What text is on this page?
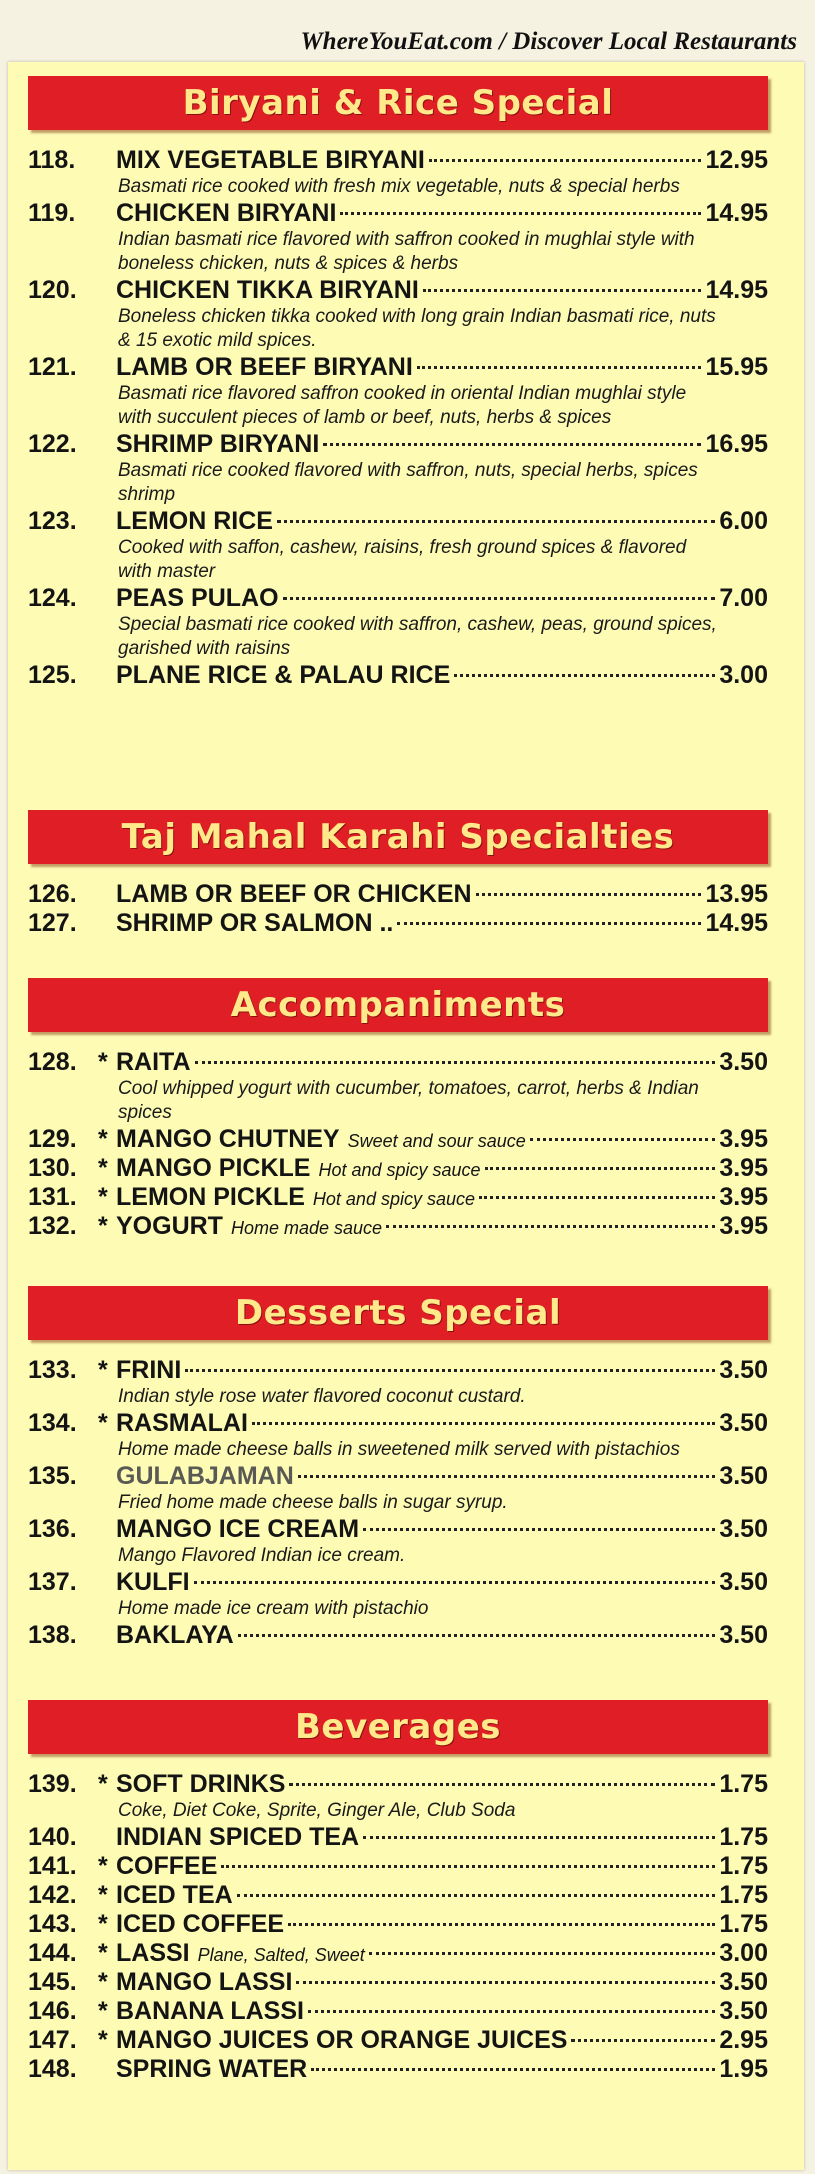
WhereYouEat.com / Discover Local Restaurants
Biryani & Rice Special
118.	MIX VEGETABLE BIRYANI	12.95
Basmati rice cooked with fresh mix vegetable, nuts & special herbs
119.	CHICKEN BIRYANI	14.95
Indian basmati rice flavored with saffron cooked in mughlai style with boneless chicken, nuts & spices & herbs
120.	CHICKEN TIKKA BIRYANI	14.95
Boneless chicken tikka cooked with long grain Indian basmati rice, nuts & 15 exotic mild spices.
121.	LAMB OR BEEF BIRYANI	15.95
Basmati rice flavored saffron cooked in oriental Indian mughlai style with succulent pieces of lamb or beef, nuts, herbs & spices
122.	SHRIMP BIRYANI	16.95
Basmati rice cooked flavored with saffron, nuts, special herbs, spices shrimp
123.	LEMON RICE	6.00
Cooked with saffon, cashew, raisins, fresh ground spices & flavored with master
124.	PEAS PULAO	7.00
Special basmati rice cooked with saffron, cashew, peas, ground spices, garished with raisins
125.	PLANE RICE & PALAU RICE	3.00
Taj Mahal Karahi Specialties
126.	LAMB OR BEEF OR CHICKEN	13.95
127.	SHRIMP OR SALMON ..	14.95
Accompaniments
128. * RAITA	3.50
Cool whipped yogurt with cucumber, tomatoes, carrot, herbs & Indian spices
129. * MANGO CHUTNEY Sweet and sour sauce	3.95
130. * MANGO PICKLE Hot and spicy sauce	3.95
131. * LEMON PICKLE Hot and spicy sauce	3.95
132. * YOGURT Home made sauce	3.95
Desserts Special
133. * FRINI	3.50
Indian style rose water flavored coconut custard.
134. * RASMALAI	3.50
Home made cheese balls in sweetened milk served with pistachios
135.	GULABJAMAN	3.50
Fried home made cheese balls in sugar syrup.
136.	MANGO ICE CREAM	3.50
Mango Flavored Indian ice cream.
137.	KULFI	3.50
Home made ice cream with pistachio
138.	BAKLAYA	3.50
Beverages
139. * SOFT DRINKS	1.75
Coke, Diet Coke, Sprite, Ginger Ale, Club Soda
140.	INDIAN SPICED TEA	1.75
141. * COFFEE	1.75
142. * ICED TEA	1.75
143. * ICED COFFEE	1.75
144. * LASSI Plane, Salted, Sweet	3.00
145. * MANGO LASSI	3.50
146. * BANANA LASSI	3.50
147. * MANGO JUICES OR ORANGE JUICES	2.95
148.	SPRING WATER	1.95
